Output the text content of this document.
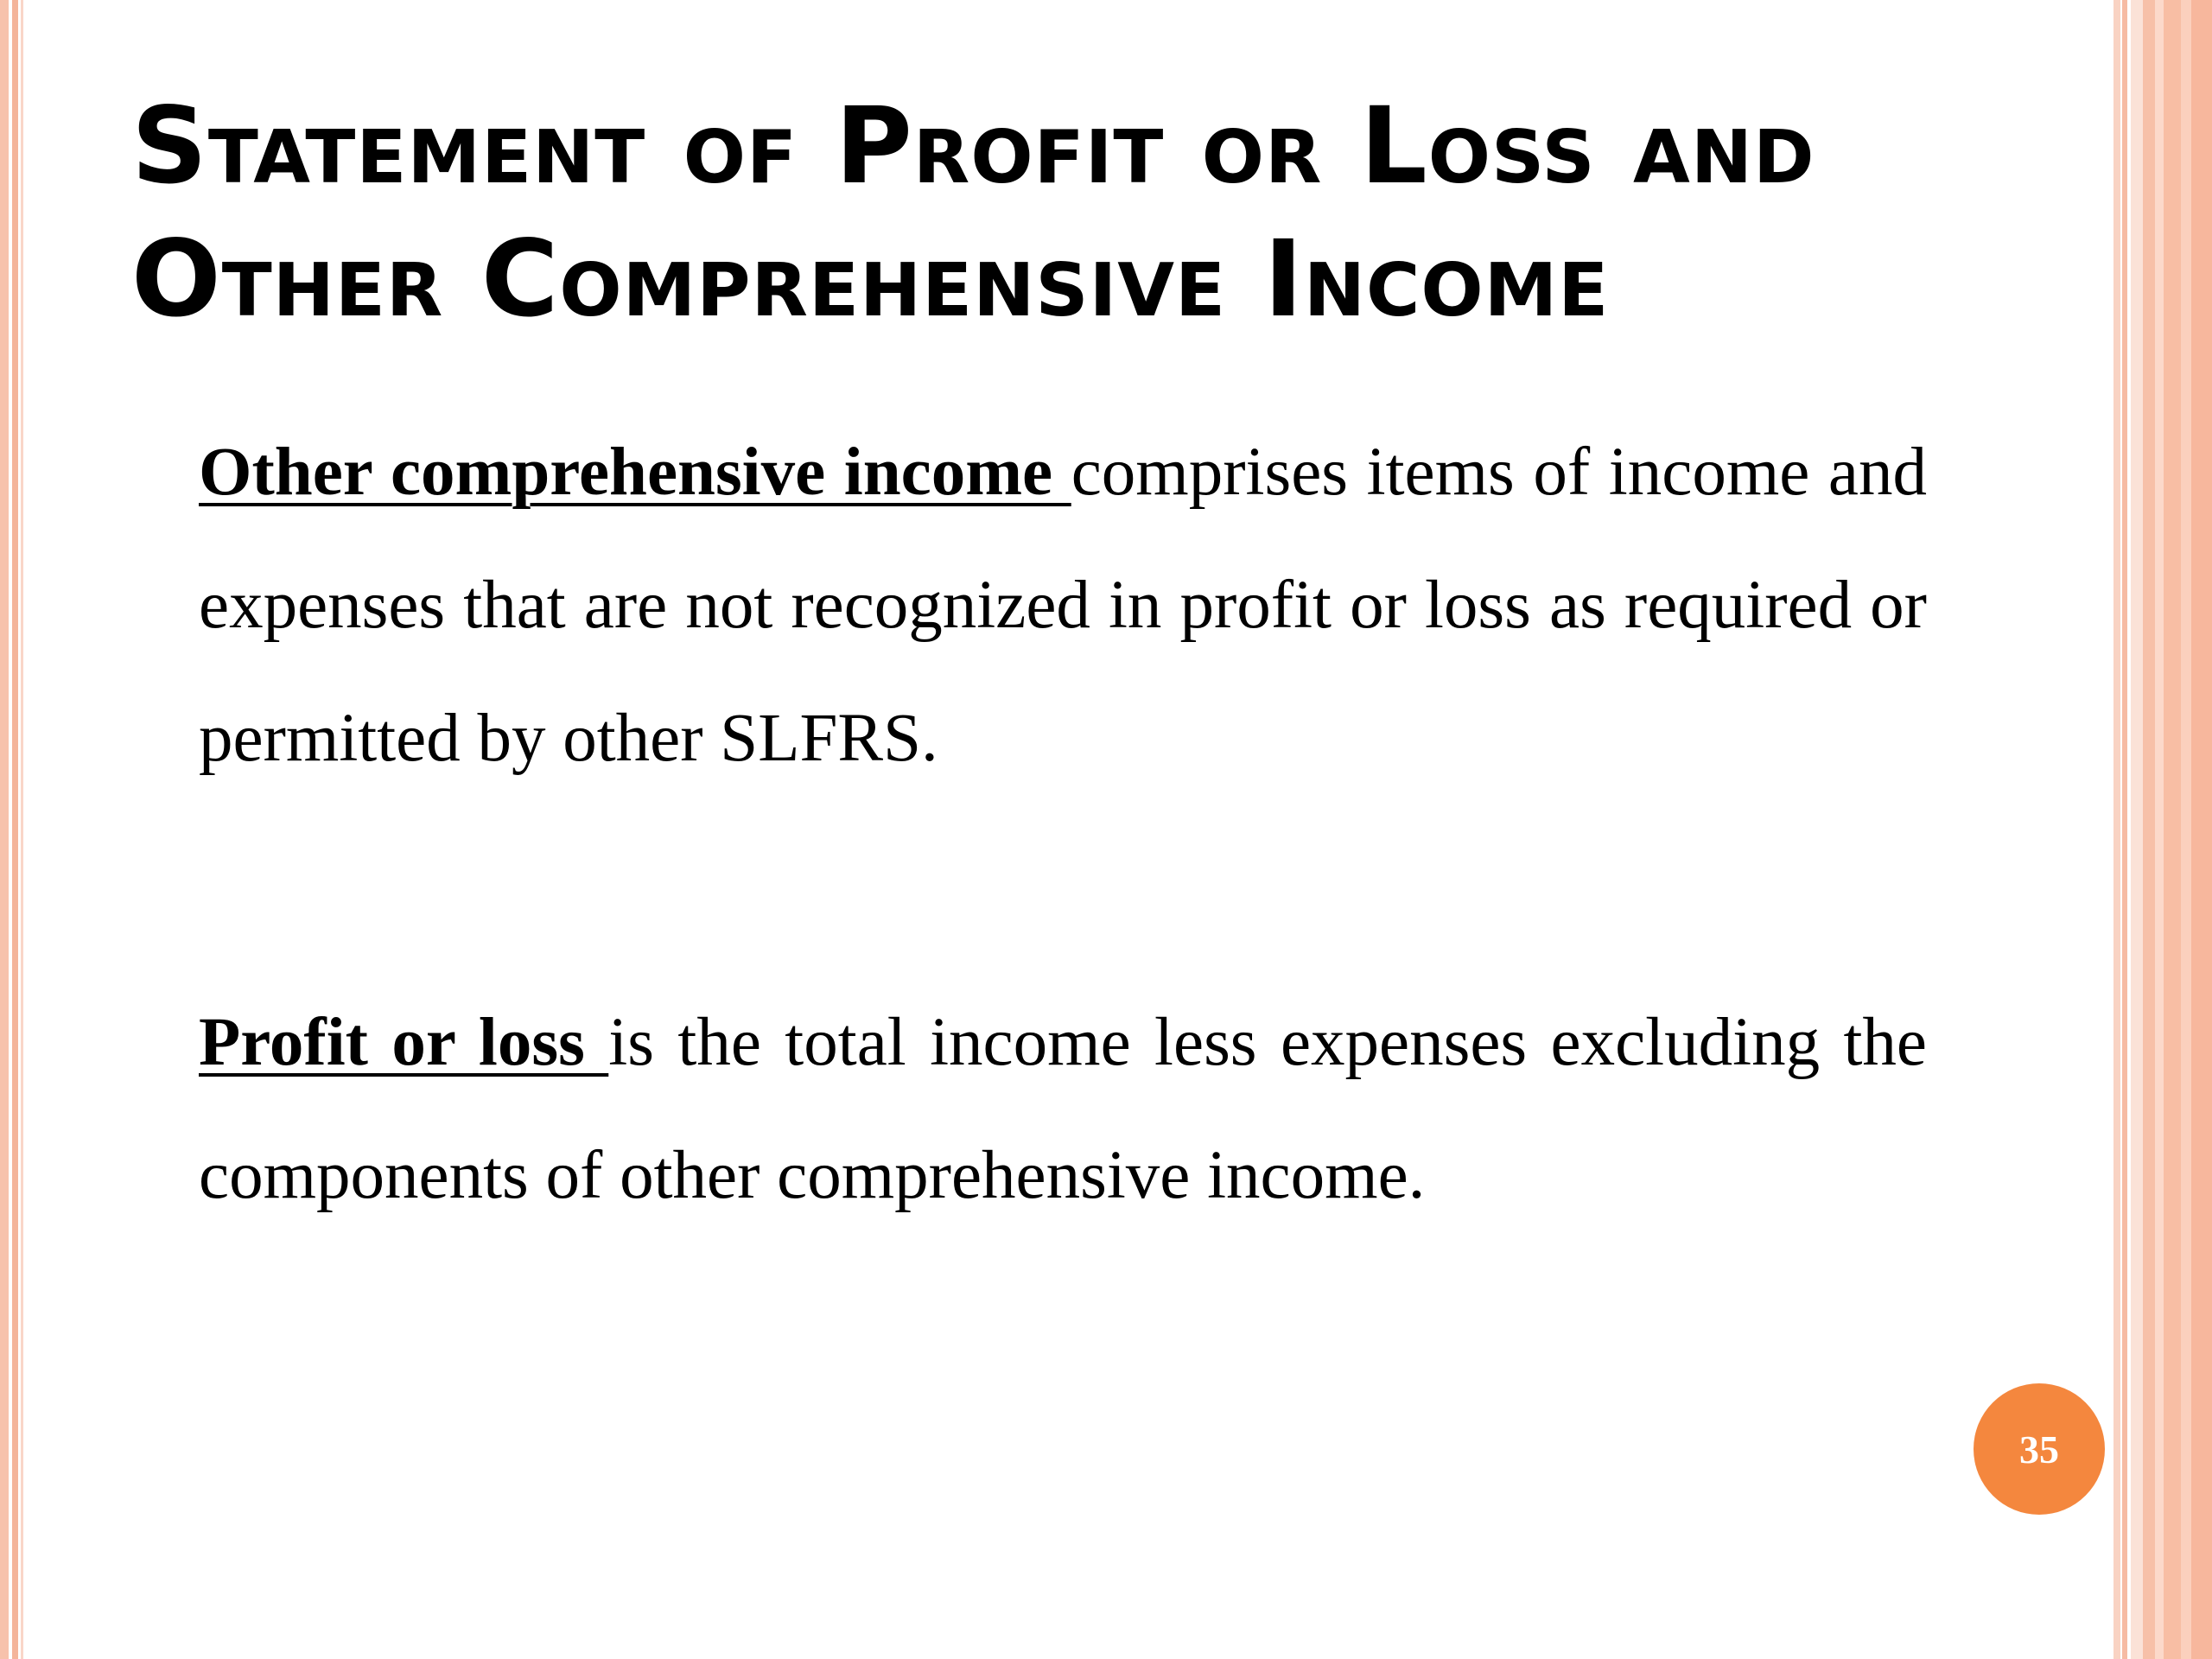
Statement of Profit or Loss and
Other Comprehensive Income

Other comprehensive income comprises items of income and expenses that are not recognized in profit or loss as required or permitted by other SLFRS.

Profit or loss is the total income less expenses excluding the components of other comprehensive income.

35
